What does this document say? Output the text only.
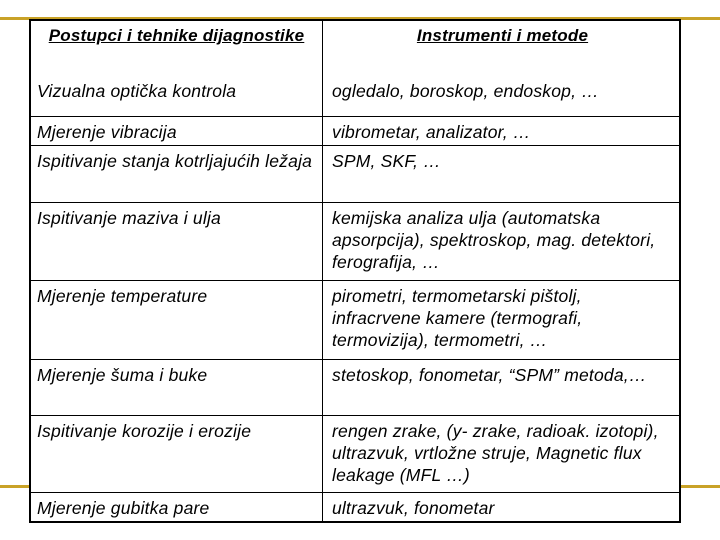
Postupci i tehnike dijagnostike	Instrumenti i metode
Vizualna optička kontrola	ogledalo, boroskop, endoskop, …
Mjerenje vibracija	vibrometar, analizator, …
Ispitivanje stanja kotrljajućih ležaja	SPM, SKF, …
Ispitivanje maziva i ulja	kemijska analiza ulja (automatska apsorpcija), spektroskop, mag. detektori, ferografija, …
Mjerenje temperature	pirometri, termometarski pištolj, infracrvene kamere (termografi, termovizija), termometri, …
Mjerenje šuma i buke	stetoskop, fonometar, “SPM” metoda,…
Ispitivanje korozije i erozije	rengen zrake, (y- zrake, radioak. izotopi), ultrazvuk, vrtložne struje, Magnetic flux leakage (MFL …)
Mjerenje gubitka pare	ultrazvuk, fonometar
